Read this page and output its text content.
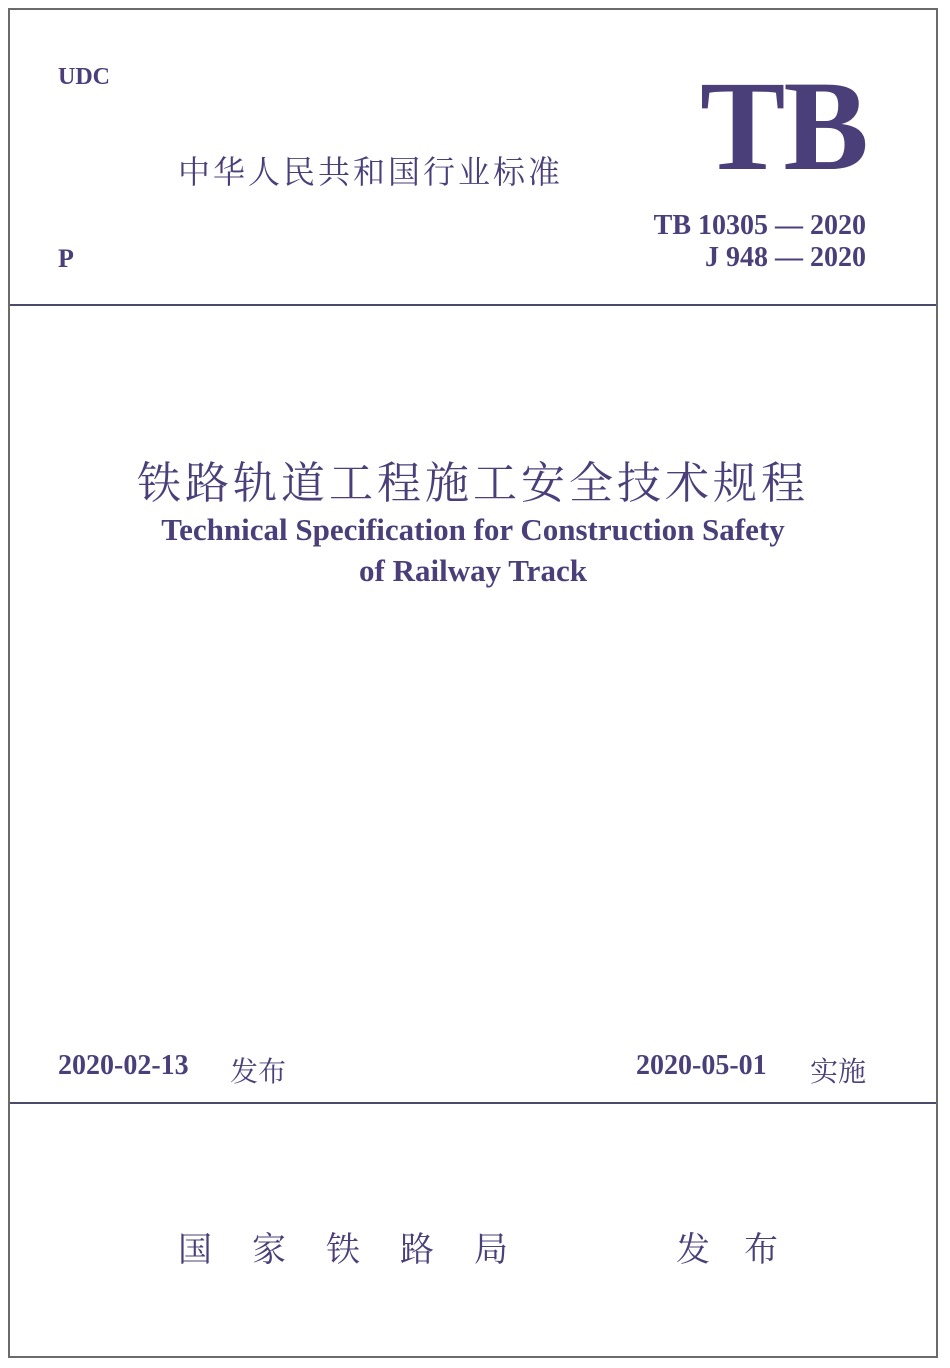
UDC
中华人民共和国行业标准 TB
TB 10305 — 2020
J 948 — 2020
P
铁路轨道工程施工安全技术规程
Technical Specification for Construction Safety
of Railway Track
2020-02-13 发布	2020-05-01 实施
国家铁路局	发布
